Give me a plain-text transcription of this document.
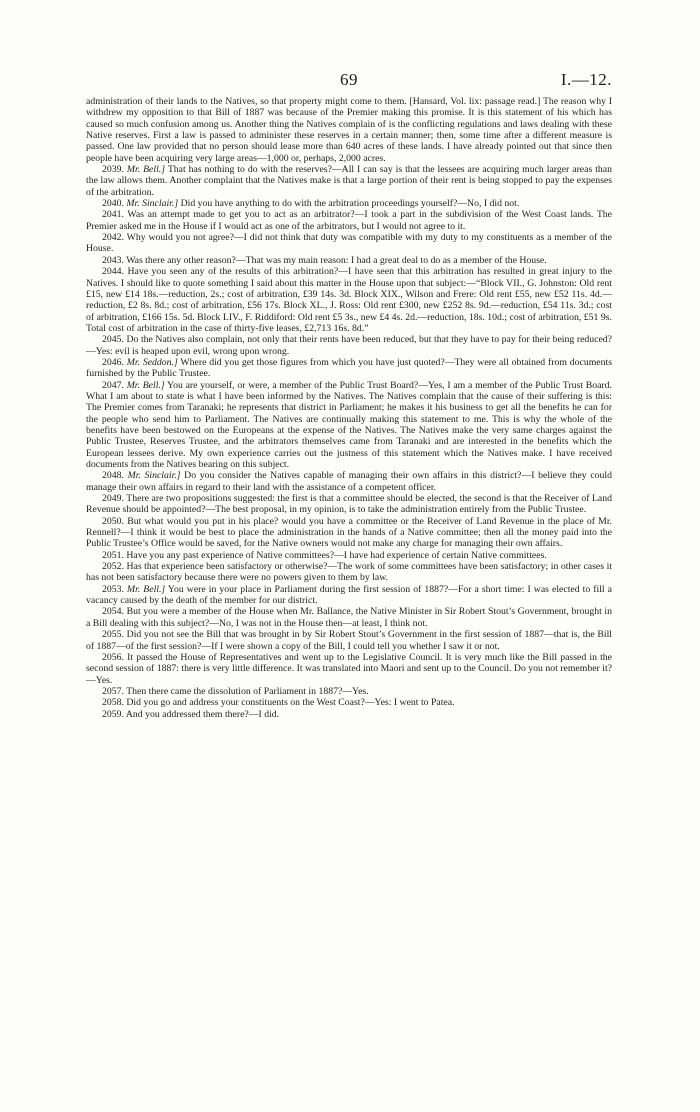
69	I.—12.

administration of their lands to the Natives, so that property might come to them. [Hansard, Vol. lix: passage read.] The reason why I withdrew my opposition to that Bill of 1887 was because of the Premier making this promise. It is this statement of his which has caused so much confusion among us. Another thing the Natives complain of is the conflicting regulations and laws dealing with these Native reserves. First a law is passed to administer these reserves in a certain manner; then, some time after a different measure is passed. One law provided that no person should lease more than 640 acres of these lands. I have already pointed out that since then people have been acquiring very large areas—1,000 or, perhaps, 2,000 acres.

2039. Mr. Bell.] That has nothing to do with the reserves?—All I can say is that the lessees are acquiring much larger areas than the law allows them. Another complaint that the Natives make is that a large portion of their rent is being stopped to pay the expenses of the arbitration.

2040. Mr. Sinclair.] Did you have anything to do with the arbitration proceedings yourself?—No, I did not.

2041. Was an attempt made to get you to act as an arbitrator?—I took a part in the subdivision of the West Coast lands. The Premier asked me in the House if I would act as one of the arbitrators, but I would not agree to it.

2042. Why would you not agree?—I did not think that duty was compatible with my duty to my constituents as a member of the House.

2043. Was there any other reason?—That was my main reason: I had a great deal to do as a member of the House.

2044. Have you seen any of the results of this arbitration?—I have seen that this arbitration has resulted in great injury to the Natives. I should like to quote something I said about this matter in the House upon that subject:—“Block VII., G. Johnston: Old rent £15, new £14 18s.—reduction, 2s.; cost of arbitration, £39 14s. 3d. Block XIX., Wilson and Frere: Old rent £55, new £52 11s. 4d.—reduction, £2 8s. 8d.; cost of arbitration, £56 17s. Block XL., J. Ross: Old rent £300, new £252 8s. 9d.—reduction, £54 11s. 3d.; cost of arbitration, £166 15s. 5d. Block LIV., F. Riddiford: Old rent £5 3s., new £4 4s. 2d.—reduction, 18s. 10d.; cost of arbitration, £51 9s. Total cost of arbitration in the case of thirty-five leases, £2,713 16s. 8d.”

2045. Do the Natives also complain, not only that their rents have been reduced, but that they have to pay for their being reduced?—Yes: evil is heaped upon evil, wrong upon wrong.

2046. Mr. Seddon.] Where did you get those figures from which you have just quoted?—They were all obtained from documents furnished by the Public Trustee.

2047. Mr. Bell.] You are yourself, or were, a member of the Public Trust Board?—Yes, I am a member of the Public Trust Board. What I am about to state is what I have been informed by the Natives. The Natives complain that the cause of their suffering is this: The Premier comes from Taranaki; he represents that district in Parliament; he makes it his business to get all the benefits he can for the people who send him to Parliament. The Natives are continually making this statement to me. This is why the whole of the benefits have been bestowed on the Europeans at the expense of the Natives. The Natives make the very same charges against the Public Trustee, Reserves Trustee, and the arbitrators themselves came from Taranaki and are interested in the benefits which the European lessees derive. My own experience carries out the justness of this statement which the Natives make. I have received documents from the Natives bearing on this subject.

2048. Mr. Sinclair.] Do you consider the Natives capable of managing their own affairs in this district?—I believe they could manage their own affairs in regard to their land with the assistance of a competent officer.

2049. There are two propositions suggested: the first is that a committee should be elected, the second is that the Receiver of Land Revenue should be appointed?—The best proposal, in my opinion, is to take the administration entirely from the Public Trustee.

2050. But what would you put in his place? would you have a committee or the Receiver of Land Revenue in the place of Mr. Rennell?—I think it would be best to place the administration in the hands of a Native committee; then all the money paid into the Public Trustee’s Office would be saved, for the Native owners would not make any charge for managing their own affairs.

2051. Have you any past experience of Native committees?—I have had experience of certain Native committees.

2052. Has that experience been satisfactory or otherwise?—The work of some committees have been satisfactory; in other cases it has not been satisfactory because there were no powers given to them by law.

2053. Mr. Bell.] You were in your place in Parliament during the first session of 1887?—For a short time: I was elected to fill a vacancy caused by the death of the member for our district.

2054. But you were a member of the House when Mr. Ballance, the Native Minister in Sir Robert Stout’s Government, brought in a Bill dealing with this subject?—No, I was not in the House then—at least, I think not.

2055. Did you not see the Bill that was brought in by Sir Robert Stout’s Government in the first session of 1887—that is, the Bill of 1887—of the first session?—If I were shown a copy of the Bill, I could tell you whether I saw it or not.

2056. It passed the House of Representatives and went up to the Legislative Council. It is very much like the Bill passed in the second session of 1887: there is very little difference. It was translated into Maori and sent up to the Council. Do you not remember it?—Yes.

2057. Then there came the dissolution of Parliament in 1887?—Yes.

2058. Did you go and address your constituents on the West Coast?—Yes: I went to Patea.

2059. And you addressed them there?—I did.
